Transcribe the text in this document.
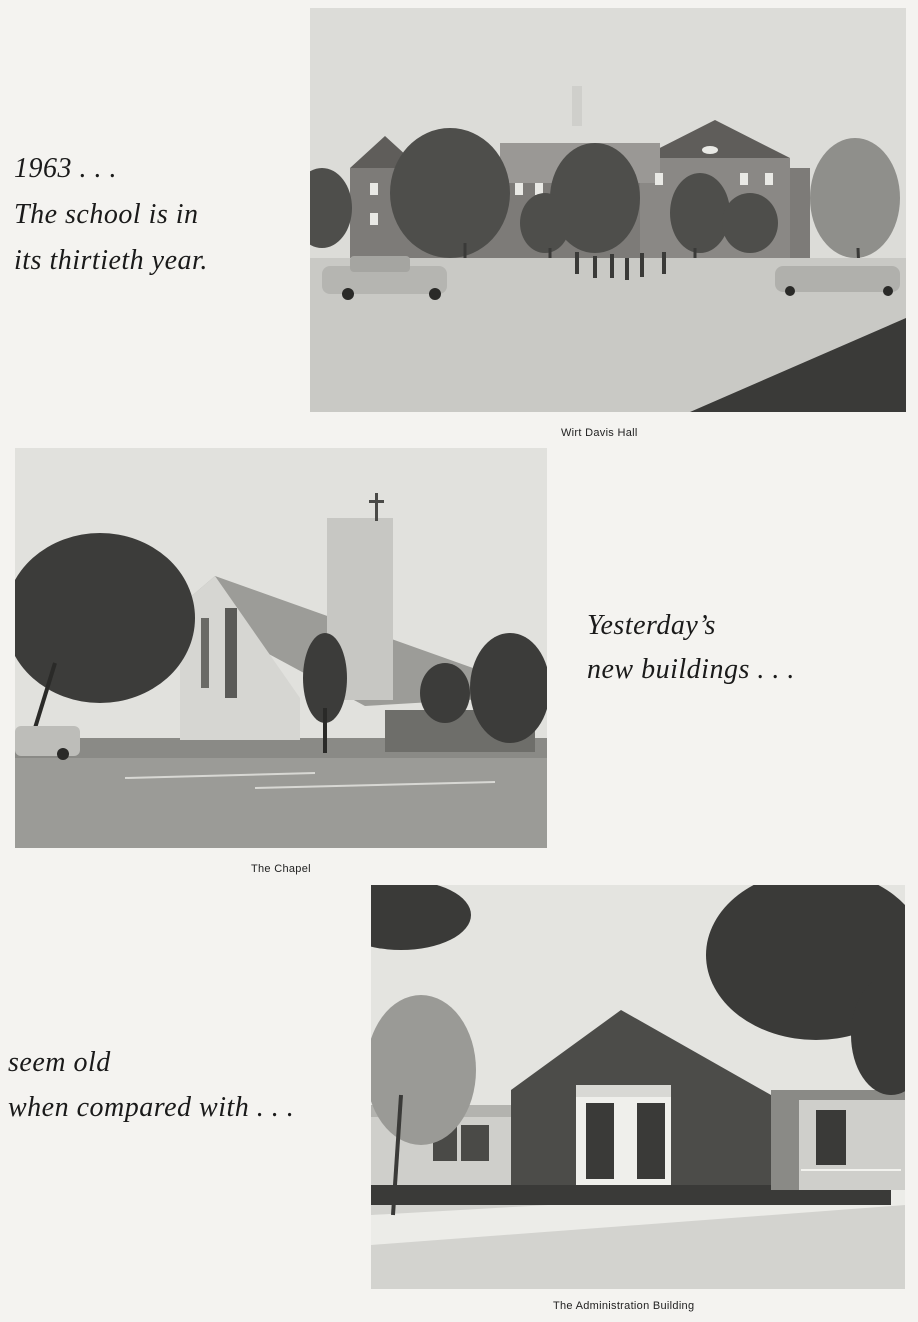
1963 . . .
The school is in
its thirtieth year.
Wirt Davis Hall
The Chapel
Yesterday’s
new buildings . . .
seem old
when compared with . . .
The Administration Building
